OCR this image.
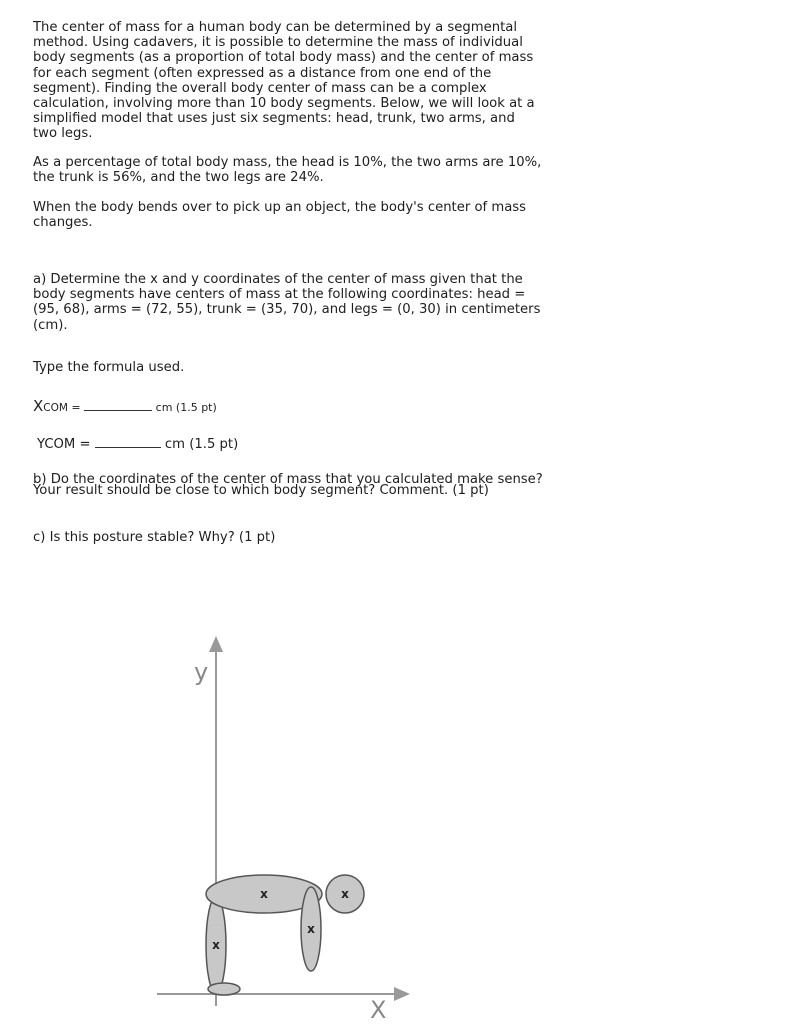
The center of mass for a human body can be determined by a segmental method. Using cadavers, it is possible to determine the mass of individual body segments (as a proportion of total body mass) and the center of mass for each segment (often expressed as a distance from one end of the segment). Finding the overall body center of mass can be a complex calculation, involving more than 10 body segments. Below, we will look at a simplified model that uses just six segments: head, trunk, two arms, and two legs.

As a percentage of total body mass, the head is 10%, the two arms are 10%, the trunk is 56%, and the two legs are 24%.

When the body bends over to pick up an object, the body's center of mass changes.

a) Determine the x and y coordinates of the center of mass given that the body segments have centers of mass at the following coordinates: head = (95, 68), arms = (72, 55), trunk = (35, 70), and legs = (0, 30) in centimeters (cm).

Type the formula used.

XCOM =	cm (1.5 pt)
YCOM =	cm (1.5 pt)

b) Do the coordinates of the center of mass that you calculated make sense? Your result should be close to which body segment? Comment. (1 pt)

c) Is this posture stable? Why? (1 pt)

y
X
x
x
x
x
